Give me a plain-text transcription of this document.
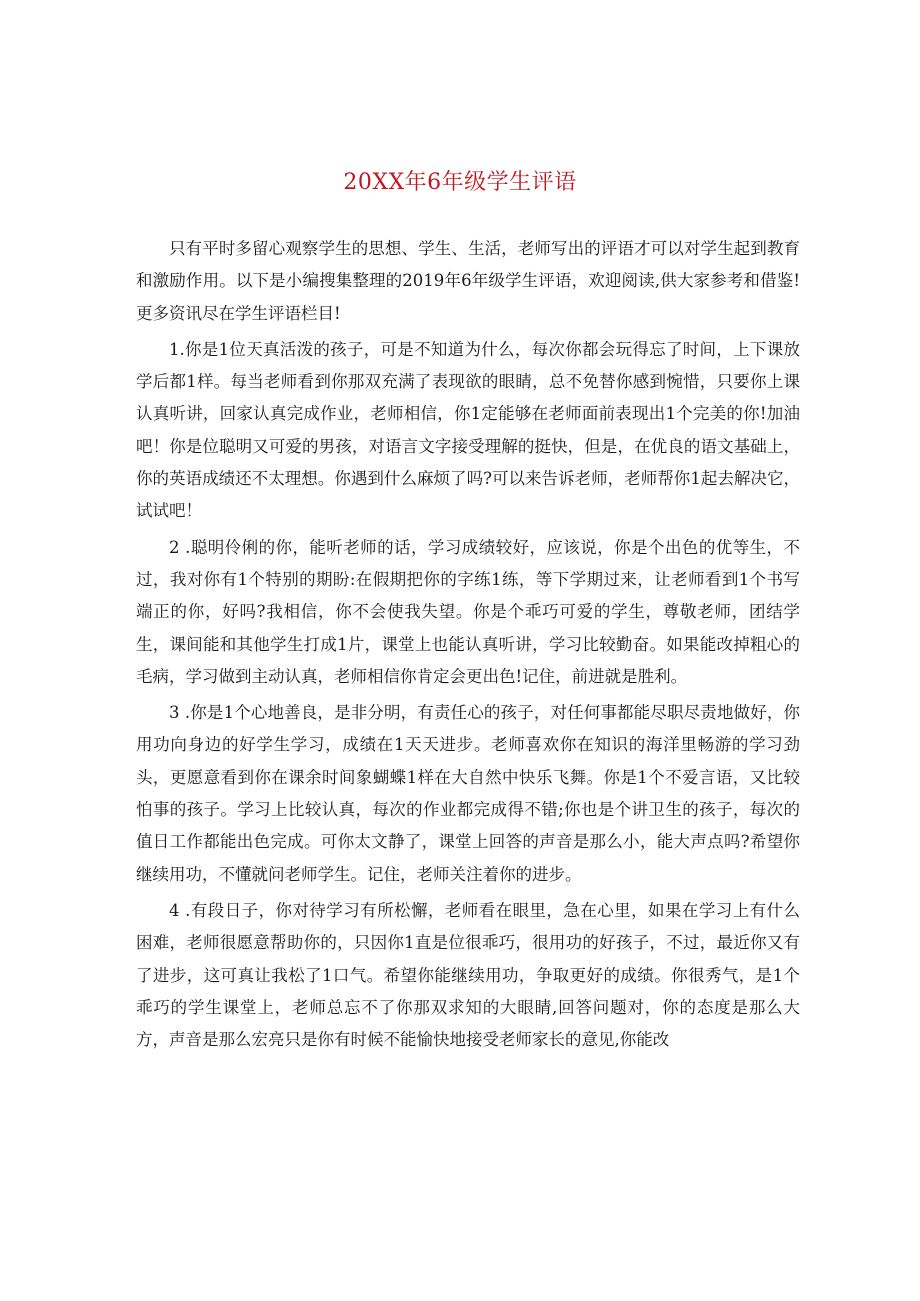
20XX年6年级学生评语

只有平时多留心观察学生的思想、学生、生活，老师写出的评语才可以对学生起到教育和激励作用。以下是小编搜集整理的2019年6年级学生评语，欢迎阅读,供大家参考和借鉴!更多资讯尽在学生评语栏目!

1.你是1位天真活泼的孩子，可是不知道为什么，每次你都会玩得忘了时间，上下课放学后都1样。每当老师看到你那双充满了表现欲的眼睛，总不免替你感到惋惜，只要你上课认真听讲，回家认真完成作业，老师相信，你1定能够在老师面前表现出1个完美的你!加油吧！你是位聪明又可爱的男孩，对语言文字接受理解的挺快，但是，在优良的语文基础上，你的英语成绩还不太理想。你遇到什么麻烦了吗?可以来告诉老师，老师帮你1起去解决它，试试吧！

2 .聪明伶俐的你，能听老师的话，学习成绩较好，应该说，你是个出色的优等生，不过，我对你有1个特别的期盼:在假期把你的字练1练，等下学期过来，让老师看到1个书写端正的你，好吗?我相信，你不会使我失望。你是个乖巧可爱的学生，尊敬老师，团结学生，课间能和其他学生打成1片，课堂上也能认真听讲，学习比较勤奋。如果能改掉粗心的毛病，学习做到主动认真，老师相信你肯定会更出色!记住，前进就是胜利。

3 .你是1个心地善良，是非分明，有责任心的孩子，对任何事都能尽职尽责地做好，你用功向身边的好学生学习，成绩在1天天进步。老师喜欢你在知识的海洋里畅游的学习劲头，更愿意看到你在课余时间象蝴蝶1样在大自然中快乐飞舞。你是1个不爱言语，又比较怕事的孩子。学习上比较认真，每次的作业都完成得不错;你也是个讲卫生的孩子，每次的值日工作都能出色完成。可你太文静了，课堂上回答的声音是那么小，能大声点吗?希望你继续用功，不懂就问老师学生。记住，老师关注着你的进步。

4 .有段日子，你对待学习有所松懈，老师看在眼里，急在心里，如果在学习上有什么困难，老师很愿意帮助你的，只因你1直是位很乖巧，很用功的好孩子，不过，最近你又有了进步，这可真让我松了1口气。希望你能继续用功，争取更好的成绩。你很秀气，是1个乖巧的学生课堂上，老师总忘不了你那双求知的大眼睛,回答问题对，你的态度是那么大方，声音是那么宏亮只是你有时候不能愉快地接受老师家长的意见,你能改
